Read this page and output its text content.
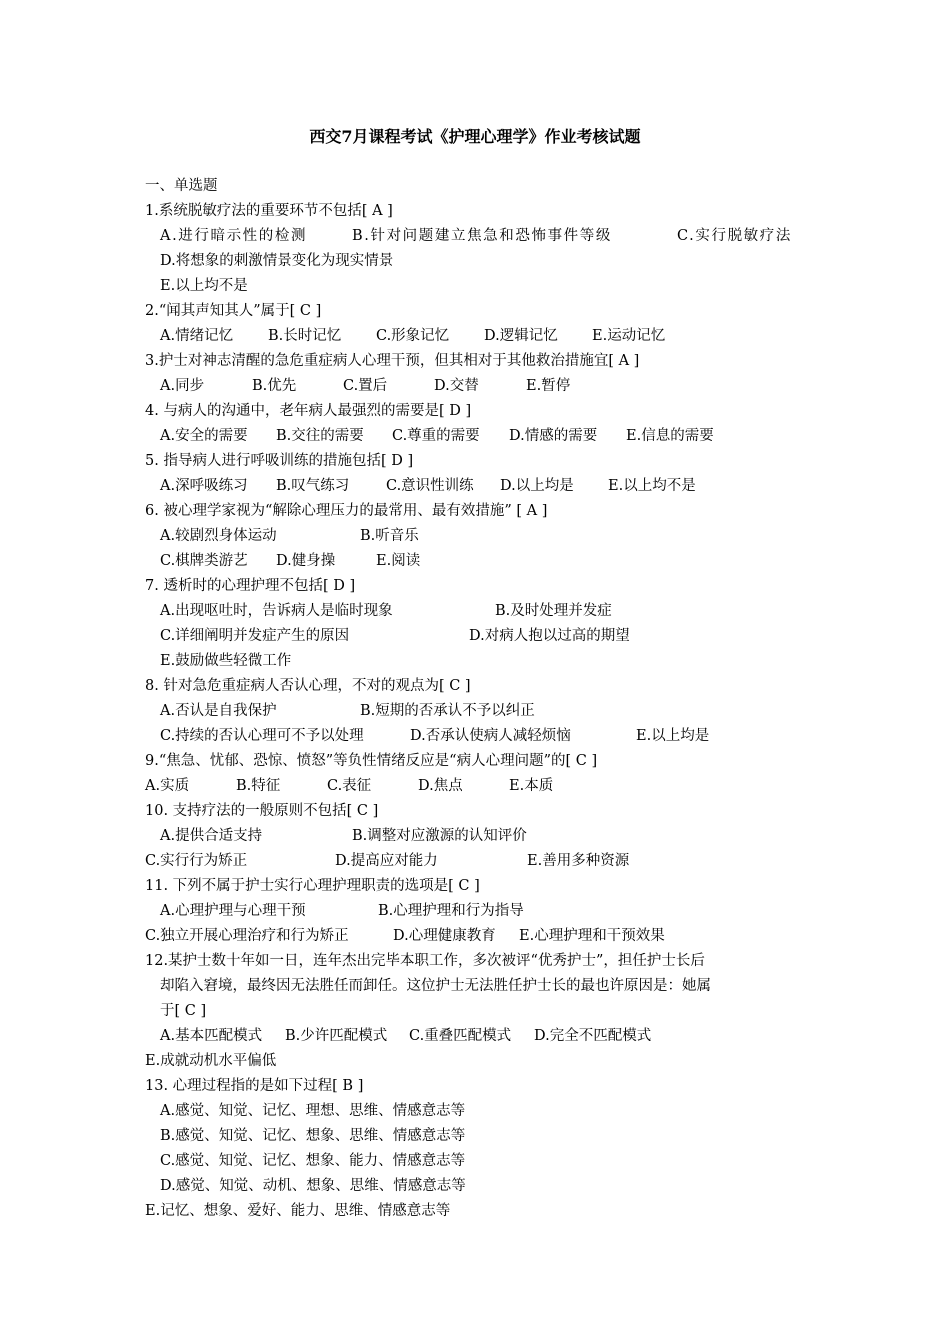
西交7月课程考试《护理心理学》作业考核试题
一、单选题
1.系统脱敏疗法的重要环节不包括[ A ]
A.进行暗示性的检测	B.针对问题建立焦急和恐怖事件等级	C.实行脱敏疗法
D.将想象的刺激情景变化为现实情景
E.以上均不是
2.“闻其声知其人”属于[ C ]
A.情绪记忆 B.长时记忆 C.形象记忆 D.逻辑记忆 E.运动记忆
3.护士对神志清醒的急危重症病人心理干预，但其相对于其他救治措施宜[ A ]
A.同步	B.优先	C.置后	D.交替	E.暂停
4. 与病人的沟通中，老年病人最强烈的需要是[ D ]
A.安全的需要 B.交往的需要 C.尊重的需要 D.情感的需要 E.信息的需要
5. 指导病人进行呼吸训练的措施包括[ D ]
A.深呼吸练习 B.叹气练习	C.意识性训练 D.以上均是 E.以上均不是
6. 被心理学家视为“解除心理压力的最常用、最有效措施” [ A ]
A.较剧烈身体运动	B.听音乐
C.棋牌类游艺 D.健身操	E.阅读
7. 透析时的心理护理不包括[ D ]
A.出现呕吐时，告诉病人是临时现象	B.及时处理并发症
C.详细阐明并发症产生的原因	D.对病人抱以过高的期望
E.鼓励做些轻微工作
8. 针对急危重症病人否认心理，不对的观点为[ C ]
A.否认是自我保护	B.短期的否承认不予以纠正
C.持续的否认心理可不予以处理	D.否承认使病人减轻烦恼	E.以上均是
9.“焦急、忧郁、恐惊、愤怒”等负性情绪反应是“病人心理问题”的[ C ]
A.实质	B.特征	C.表征	D.焦点	E.本质
10. 支持疗法的一般原则不包括[ C ]
A.提供合适支持	B.调整对应激源的认知评价
C.实行行为矫正	D.提高应对能力	E.善用多种资源
11. 下列不属于护士实行心理护理职责的选项是[ C ]
A.心理护理与心理干预	B.心理护理和行为指导
C.独立开展心理治疗和行为矫正	D.心理健康教育 E.心理护理和干预效果
12.某护士数十年如一日，连年杰出完毕本职工作，多次被评“优秀护士”，担任护士长后
却陷入窘境，最终因无法胜任而卸任。这位护士无法胜任护士长的最也许原因是：她属
于[ C ]
A.基本匹配模式 B.少许匹配模式 C.重叠匹配模式 D.完全不匹配模式
E.成就动机水平偏低
13. 心理过程指的是如下过程[ B ]
A.感觉、知觉、记忆、理想、思维、情感意志等
B.感觉、知觉、记忆、想象、思维、情感意志等
C.感觉、知觉、记忆、想象、能力、情感意志等
D.感觉、知觉、动机、想象、思维、情感意志等
E.记忆、想象、爱好、能力、思维、情感意志等
